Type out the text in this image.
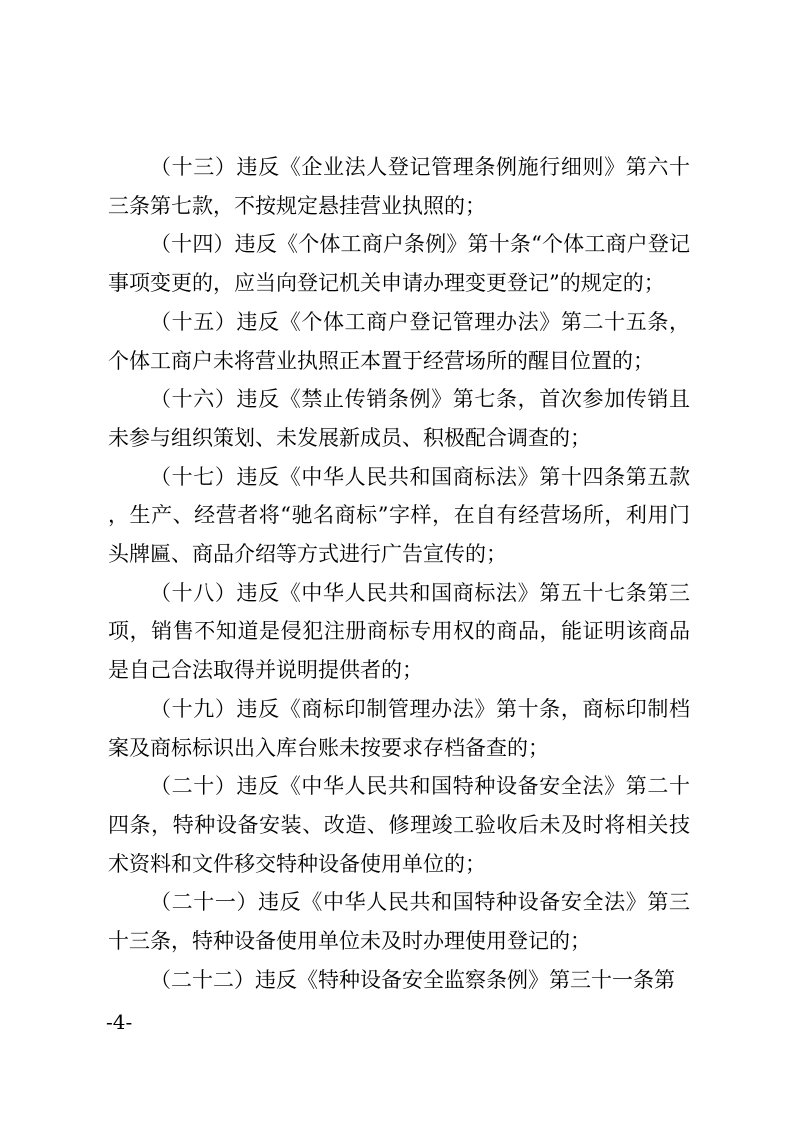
（十三）违反《企业法人登记管理条例施行细则》第六十三条第七款，不按规定悬挂营业执照的；

（十四）违反《个体工商户条例》第十条“个体工商户登记事项变更的，应当向登记机关申请办理变更登记”的规定的；

（十五）违反《个体工商户登记管理办法》第二十五条，个体工商户未将营业执照正本置于经营场所的醒目位置的；

（十六）违反《禁止传销条例》第七条，首次参加传销且未参与组织策划、未发展新成员、积极配合调查的；

（十七）违反《中华人民共和国商标法》第十四条第五款，生产、经营者将“驰名商标”字样，在自有经营场所，利用门头牌匾、商品介绍等方式进行广告宣传的；

（十八）违反《中华人民共和国商标法》第五十七条第三项，销售不知道是侵犯注册商标专用权的商品，能证明该商品是自己合法取得并说明提供者的；

（十九）违反《商标印制管理办法》第十条，商标印制档案及商标标识出入库台账未按要求存档备查的；

（二十）违反《中华人民共和国特种设备安全法》第二十四条，特种设备安装、改造、修理竣工验收后未及时将相关技术资料和文件移交特种设备使用单位的；

（二十一）违反《中华人民共和国特种设备安全法》第三十三条，特种设备使用单位未及时办理使用登记的；

（二十二）违反《特种设备安全监察条例》第三十一条第

-4-
